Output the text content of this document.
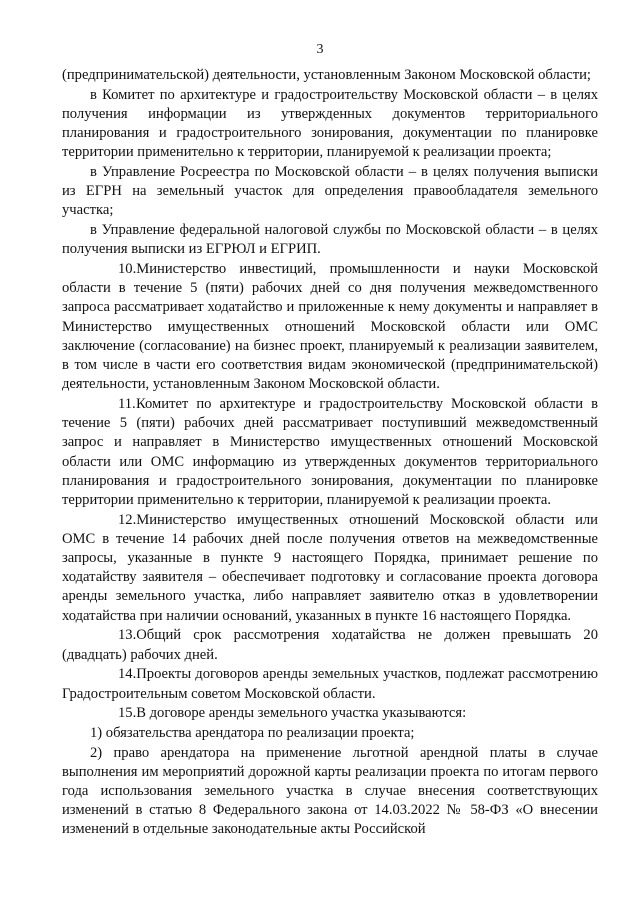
3

(предпринимательской) деятельности, установленным Законом Московской области;

в Комитет по архитектуре и градостроительству Московской области – в целях получения информации из утвержденных документов территориального планирования и градостроительного зонирования, документации по планировке территории применительно к территории, планируемой к реализации проекта;

в Управление Росреестра по Московской области – в целях получения выписки из ЕГРН на земельный участок для определения правообладателя земельного участка;

в Управление федеральной налоговой службы по Московской области – в целях получения выписки из ЕГРЮЛ и ЕГРИП.

10.Министерство инвестиций, промышленности и науки Московской области в течение 5 (пяти) рабочих дней со дня получения межведомственного запроса рассматривает ходатайство и приложенные к нему документы и направляет в Министерство имущественных отношений Московской области или ОМС заключение (согласование) на бизнес проект, планируемый к реализации заявителем, в том числе в части его соответствия видам экономической (предпринимательской) деятельности, установленным Законом Московской области.

11.Комитет по архитектуре и градостроительству Московской области в течение 5 (пяти) рабочих дней рассматривает поступивший межведомственный запрос и направляет в Министерство имущественных отношений Московской области или ОМС информацию из утвержденных документов территориального планирования и градостроительного зонирования, документации по планировке территории применительно к территории, планируемой к реализации проекта.

12.Министерство имущественных отношений Московской области или ОМС в течение 14 рабочих дней после получения ответов на межведомственные запросы, указанные в пункте 9 настоящего Порядка, принимает решение по ходатайству заявителя – обеспечивает подготовку и согласование проекта договора аренды земельного участка, либо направляет заявителю отказ в удовлетворении ходатайства при наличии оснований, указанных в пункте 16 настоящего Порядка.

13.Общий срок рассмотрения ходатайства не должен превышать 20 (двадцать) рабочих дней.

14.Проекты договоров аренды земельных участков, подлежат рассмотрению Градостроительным советом Московской области.

15.В договоре аренды земельного участка указываются:

1) обязательства арендатора по реализации проекта;

2) право арендатора на применение льготной арендной платы в случае выполнения им мероприятий дорожной карты реализации проекта по итогам первого года использования земельного участка в случае внесения соответствующих изменений в статью 8 Федерального закона от 14.03.2022 № 58-ФЗ «О внесении изменений в отдельные законодательные акты Российской
